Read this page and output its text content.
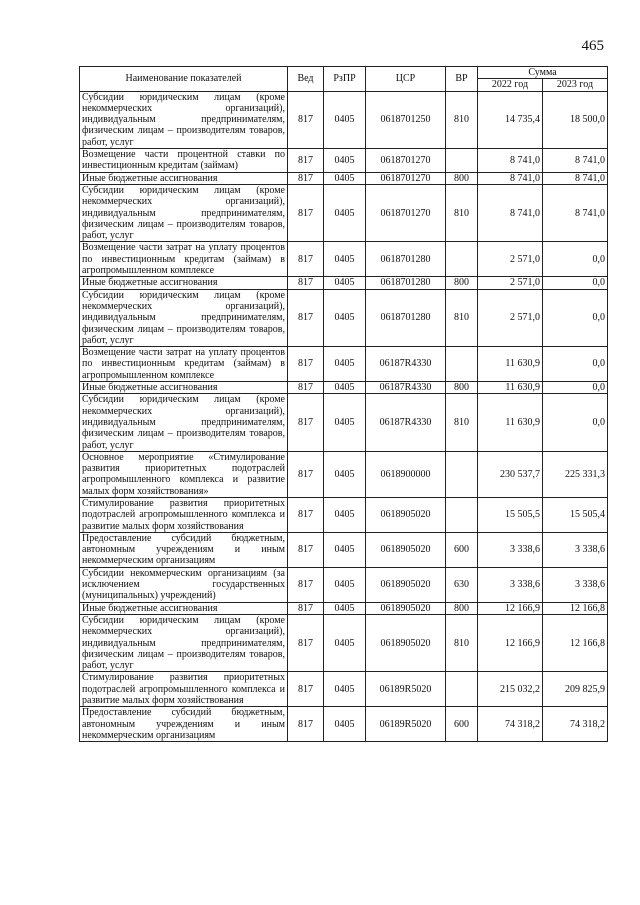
465
Наименование показателей	Вед	РзПР	ЦСР	ВР	Сумма	
					2022 год	2023 год
Субсидии юридическим лицам (кроме некоммерческих организаций), индивидуальным предпринимателям, физическим лицам – производителям товаров, работ, услуг	817	0405	0618701250	810	14 735,4	18 500,0
Возмещение части процентной ставки по инвестиционным кредитам (займам)	817	0405	0618701270		8 741,0	8 741,0
Иные бюджетные ассигнования	817	0405	0618701270	800	8 741,0	8 741,0
Субсидии юридическим лицам (кроме некоммерческих организаций), индивидуальным предпринимателям, физическим лицам – производителям товаров, работ, услуг	817	0405	0618701270	810	8 741,0	8 741,0
Возмещение части затрат на уплату процентов по инвестиционным кредитам (займам) в агропромышленном комплексе	817	0405	0618701280		2 571,0	0,0
Иные бюджетные ассигнования	817	0405	0618701280	800	2 571,0	0,0
Субсидии юридическим лицам (кроме некоммерческих организаций), индивидуальным предпринимателям, физическим лицам – производителям товаров, работ, услуг	817	0405	0618701280	810	2 571,0	0,0
Возмещение части затрат на уплату процентов по инвестиционным кредитам (займам) в агропромышленном комплексе	817	0405	06187R4330		11 630,9	0,0
Иные бюджетные ассигнования	817	0405	06187R4330	800	11 630,9	0,0
Субсидии юридическим лицам (кроме некоммерческих организаций), индивидуальным предпринимателям, физическим лицам – производителям товаров, работ, услуг	817	0405	06187R4330	810	11 630,9	0,0
Основное мероприятие «Стимулирование развития приоритетных подотраслей агропромышленного комплекса и развитие малых форм хозяйствования»	817	0405	0618900000		230 537,7	225 331,3
Стимулирование развития приоритетных подотраслей агропромышленного комплекса и развитие малых форм хозяйствования	817	0405	0618905020		15 505,5	15 505,4
Предоставление субсидий бюджетным, автономным учреждениям и иным некоммерческим организациям	817	0405	0618905020	600	3 338,6	3 338,6
Субсидии некоммерческим организациям (за исключением государственных (муниципальных) учреждений)	817	0405	0618905020	630	3 338,6	3 338,6
Иные бюджетные ассигнования	817	0405	0618905020	800	12 166,9	12 166,8
Субсидии юридическим лицам (кроме некоммерческих организаций), индивидуальным предпринимателям, физическим лицам – производителям товаров, работ, услуг	817	0405	0618905020	810	12 166,9	12 166,8
Стимулирование развития приоритетных подотраслей агропромышленного комплекса и развитие малых форм хозяйствования	817	0405	06189R5020		215 032,2	209 825,9
Предоставление субсидий бюджетным, автономным учреждениям и иным некоммерческим организациям	817	0405	06189R5020	600	74 318,2	74 318,2
